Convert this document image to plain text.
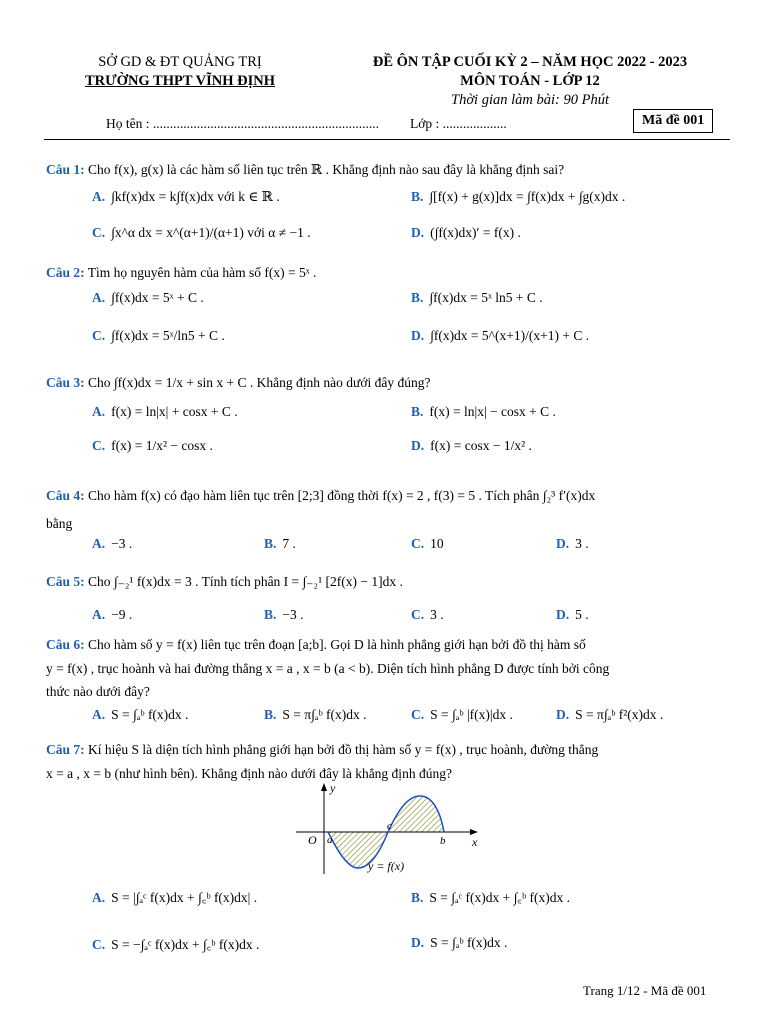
SỞ GD & ĐT QUẢNG TRỊ
TRƯỜNG THPT VĨNH ĐỊNH
ĐỀ ÔN TẬP CUỐI KỲ 2 – NĂM HỌC 2022 - 2023
MÔN TOÁN - LỚP 12
Thời gian làm bài: 90 Phút
Họ tên : ................................................................... Lớp : ...................	Mã đề 001
Câu 1: Cho f(x), g(x) là các hàm số liên tục trên ℝ . Khẳng định nào sau đây là khẳng định sai?
A. ∫kf(x)dx = k∫f(x)dx với k ∈ ℝ .	B. ∫[f(x) + g(x)]dx = ∫f(x)dx + ∫g(x)dx .
C. ∫x^α dx = x^(α+1)/(α+1) với α ≠ −1 .	D. (∫f(x)dx)′ = f(x) .
Câu 2: Tìm họ nguyên hàm của hàm số f(x) = 5ˣ .
A. ∫f(x)dx = 5ˣ + C .	B. ∫f(x)dx = 5ˣ ln5 + C .
C. ∫f(x)dx = 5ˣ/ln5 + C .	D. ∫f(x)dx = 5^(x+1)/(x+1) + C .
Câu 3: Cho ∫f(x)dx = 1/x + sin x + C . Khẳng định nào dưới đây đúng?
A. f(x) = ln|x| + cosx + C .	B. f(x) = ln|x| − cosx + C .
C. f(x) = 1/x² − cosx .	D. f(x) = cosx − 1/x² .
Câu 4: Cho hàm f(x) có đạo hàm liên tục trên [2;3] đồng thời f(x) = 2 , f(3) = 5 . Tích phân ∫₂³ f′(x)dx
bằng
A. −3 .	B. 7 .	C. 10	D. 3 .
Câu 5: Cho ∫₋₂¹ f(x)dx = 3 . Tính tích phân I = ∫₋₂¹ [2f(x) − 1]dx .
A. −9 .	B. −3 .	C. 3 .	D. 5 .
Câu 6: Cho hàm số y = f(x) liên tục trên đoạn [a;b]. Gọi D là hình phẳng giới hạn bởi đồ thị hàm số
y = f(x) , trục hoành và hai đường thẳng x = a , x = b (a < b). Diện tích hình phẳng D được tính bởi công
thức nào dưới đây?
A. S = ∫ₐᵇ f(x)dx .	B. S = π∫ₐᵇ f(x)dx .	C. S = ∫ₐᵇ |f(x)|dx .	D. S = π∫ₐᵇ f²(x)dx .
Câu 7: Kí hiệu S là diện tích hình phẳng giới hạn bởi đồ thị hàm số y = f(x) , trục hoành, đường thẳng
x = a , x = b (như hình bên). Khẳng định nào dưới đây là khẳng định đúng?
y
x
O a
c
b
y = f(x)
A. S = |∫ₐᶜ f(x)dx + ∫꜀ᵇ f(x)dx| .	B. S = ∫ₐᶜ f(x)dx + ∫꜀ᵇ f(x)dx .
C. S = −∫ₐᶜ f(x)dx + ∫꜀ᵇ f(x)dx .	D. S = ∫ₐᵇ f(x)dx .
Trang 1/12 - Mã đề 001
